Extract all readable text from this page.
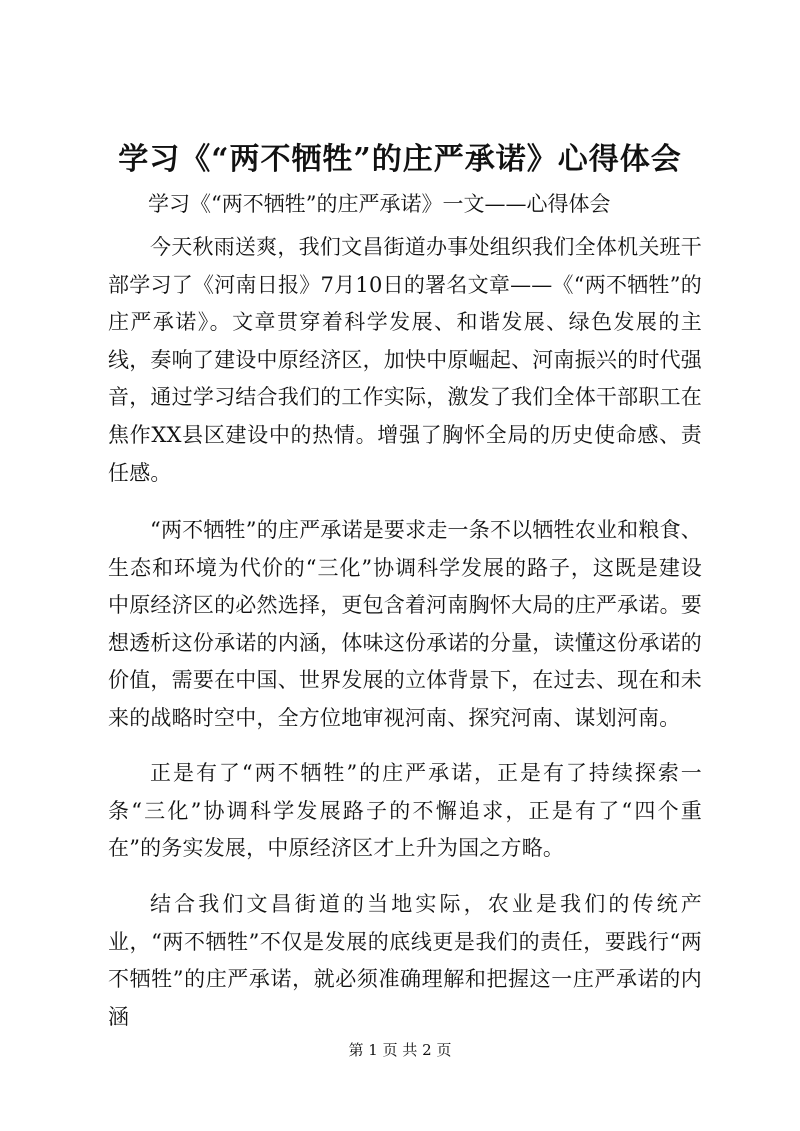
学习《“两不牺牲”的庄严承诺》心得体会

学习《“两不牺牲”的庄严承诺》一文——心得体会

今天秋雨送爽，我们文昌街道办事处组织我们全体机关班干部学习了《河南日报》7月10日的署名文章——《“两不牺牲”的庄严承诺》。文章贯穿着科学发展、和谐发展、绿色发展的主线，奏响了建设中原经济区，加快中原崛起、河南振兴的时代强音，通过学习结合我们的工作实际，激发了我们全体干部职工在焦作XX县区建设中的热情。增强了胸怀全局的历史使命感、责任感。

“两不牺牲”的庄严承诺是要求走一条不以牺牲农业和粮食、生态和环境为代价的“三化”协调科学发展的路子，这既是建设中原经济区的必然选择，更包含着河南胸怀大局的庄严承诺。要想透析这份承诺的内涵，体味这份承诺的分量，读懂这份承诺的价值，需要在中国、世界发展的立体背景下，在过去、现在和未来的战略时空中，全方位地审视河南、探究河南、谋划河南。

正是有了“两不牺牲”的庄严承诺，正是有了持续探索一条“三化”协调科学发展路子的不懈追求，正是有了“四个重在”的务实发展，中原经济区才上升为国之方略。

结合我们文昌街道的当地实际，农业是我们的传统产业，“两不牺牲”不仅是发展的底线更是我们的责任，要践行“两不牺牲”的庄严承诺，就必须准确理解和把握这一庄严承诺的内涵

第 1 页 共 2 页
